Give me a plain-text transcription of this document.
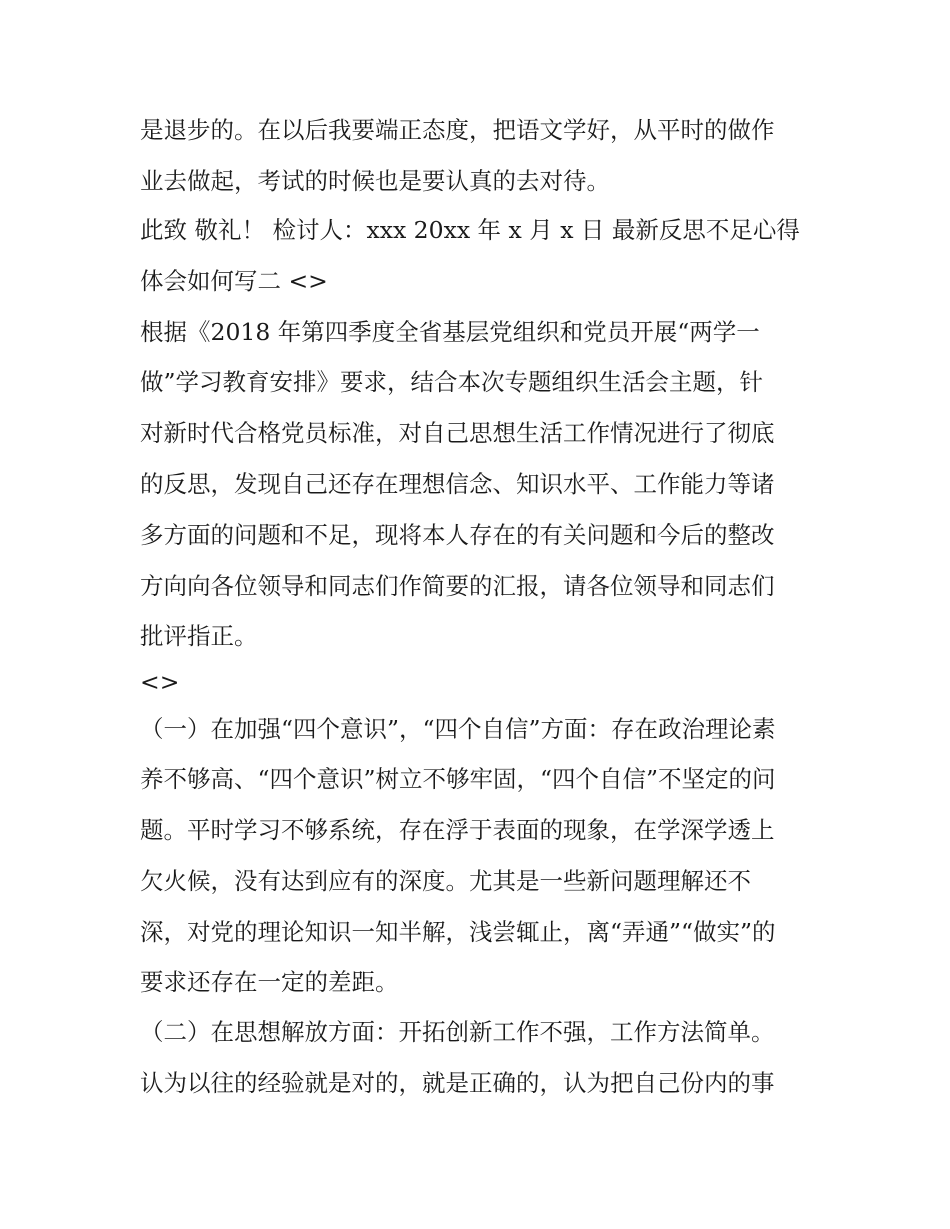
是退步的。在以后我要端正态度，把语文学好，从平时的做作
业去做起，考试的时候也是要认真的去对待。
此致 敬礼！ 检讨人：xxx 20xx 年 x 月 x 日 最新反思不足心得
体会如何写二 <>
根据《2018 年第四季度全省基层党组织和党员开展“两学一
做”学习教育安排》要求，结合本次专题组织生活会主题，针
对新时代合格党员标准，对自己思想生活工作情况进行了彻底
的反思，发现自己还存在理想信念、知识水平、工作能力等诸
多方面的问题和不足，现将本人存在的有关问题和今后的整改
方向向各位领导和同志们作简要的汇报，请各位领导和同志们
批评指正。
<>
（一）在加强“四个意识”，“四个自信”方面：存在政治理论素
养不够高、“四个意识”树立不够牢固，“四个自信”不坚定的问
题。平时学习不够系统，存在浮于表面的现象，在学深学透上
欠火候，没有达到应有的深度。尤其是一些新问题理解还不
深，对党的理论知识一知半解，浅尝辄止，离“弄通”“做实”的
要求还存在一定的差距。
（二）在思想解放方面：开拓创新工作不强，工作方法简单。
认为以往的经验就是对的，就是正确的，认为把自己份内的事
